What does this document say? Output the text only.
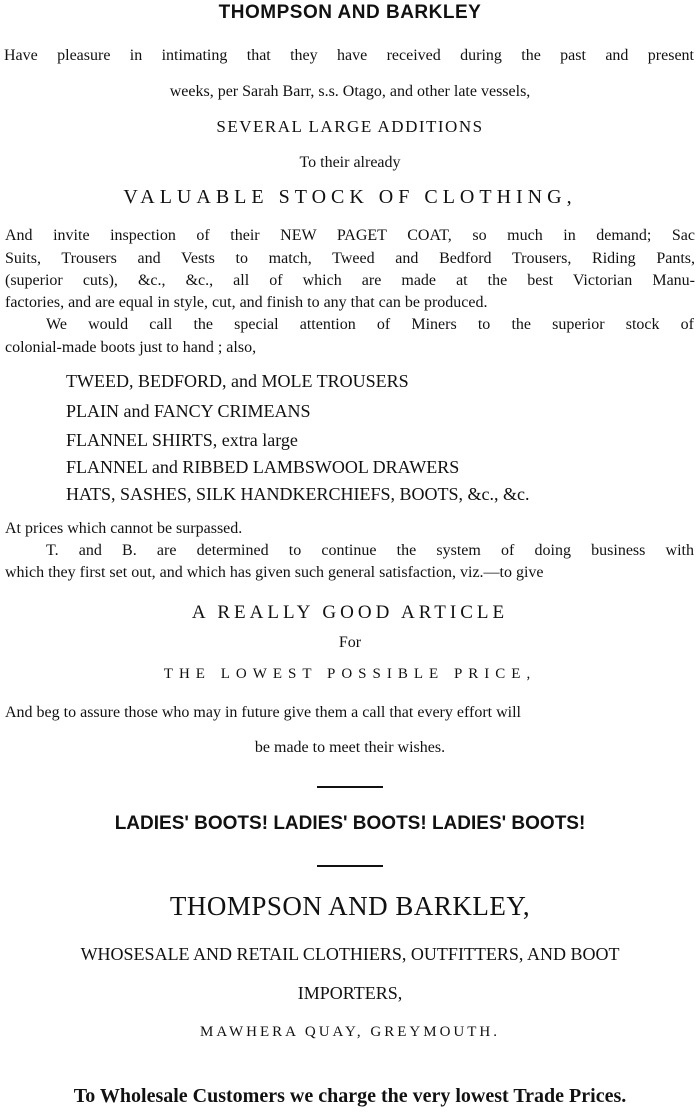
THOMPSON AND BARKLEY
Have pleasure in intimating that they have received during the past and present
weeks, per Sarah Barr, s.s. Otago, and other late vessels,
SEVERAL LARGE ADDITIONS
To their already
VALUABLE STOCK OF CLOTHING,
And invite inspection of their NEW PAGET COAT, so much in demand; Sac
Suits, Trousers and Vests to match, Tweed and Bedford Trousers, Riding Pants,
(superior cuts), &c., &c., all of which are made at the best Victorian Manu-
factories, and are equal in style, cut, and finish to any that can be produced.
We would call the special attention of Miners to the superior stock of
colonial-made boots just to hand ; also,
TWEED, BEDFORD, and MOLE TROUSERS
PLAIN and FANCY CRIMEANS
FLANNEL SHIRTS, extra large
FLANNEL and RIBBED LAMBSWOOL DRAWERS
HATS, SASHES, SILK HANDKERCHIEFS, BOOTS, &c., &c.
At prices which cannot be surpassed.
T. and B. are determined to continue the system of doing business with
which they first set out, and which has given such general satisfaction, viz.—to give
A REALLY GOOD ARTICLE
For
THE LOWEST POSSIBLE PRICE,
And beg to assure those who may in future give them a call that every effort will
be made to meet their wishes.
LADIES' BOOTS! LADIES' BOOTS! LADIES' BOOTS!
THOMPSON AND BARKLEY,
WHOSESALE AND RETAIL CLOTHIERS, OUTFITTERS, AND BOOT
IMPORTERS,
MAWHERA QUAY, GREYMOUTH.
To Wholesale Customers we charge the very lowest Trade Prices.
